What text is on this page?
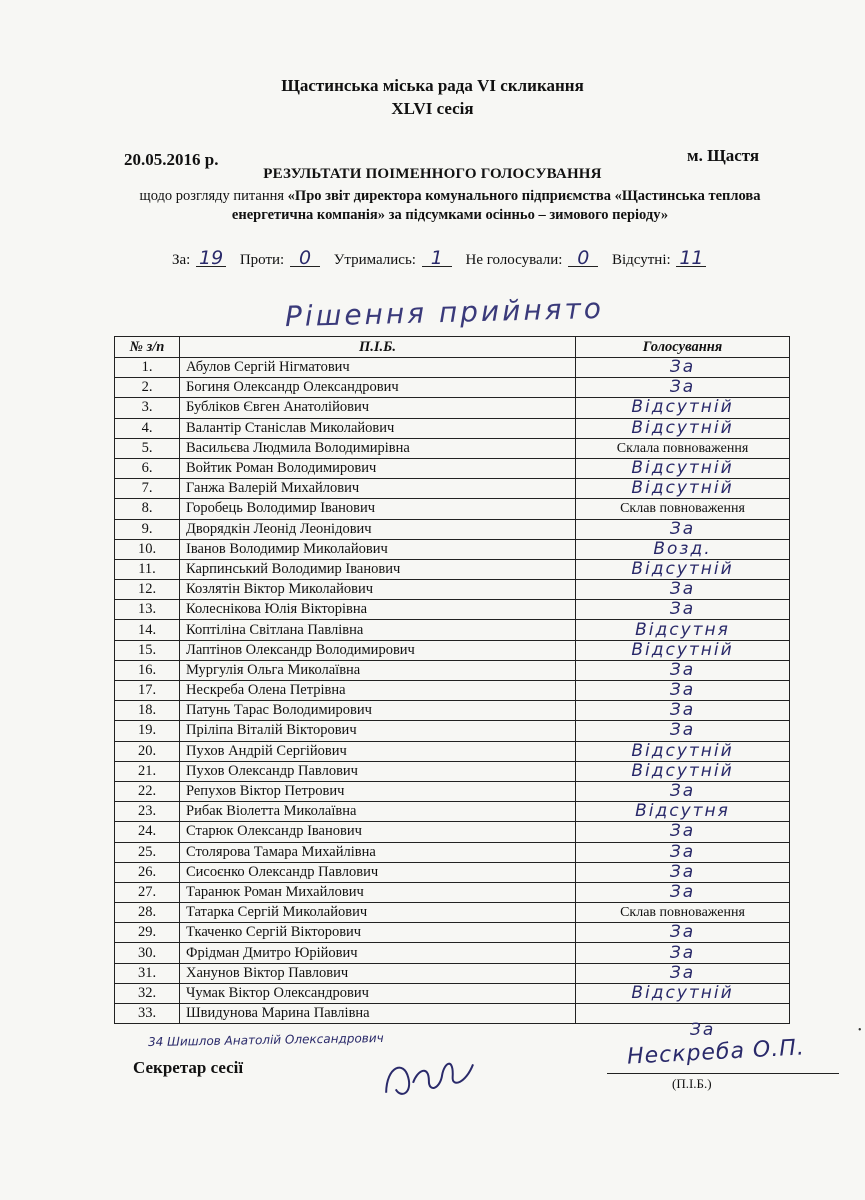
Щастинська міська рада VI скликання
XLVI сесія
20.05.2016 р.	м. Щастя
РЕЗУЛЬТАТИ ПОІМЕННОГО ГОЛОСУВАННЯ
щодо розгляду питання «Про звіт директора комунального підприємства «Щастинська теплова енергетична компанія» за підсумками осінньо – зимового періоду»
За: 19 Проти: 0 Утримались: 1 Не голосували: 0 Відсутні: 11
Рішення прийнято
№ з/п	П.І.Б.	Голосування
1.	Абулов Сергій Нігматович	За
2.	Богиня Олександр Олександрович	За
3.	Бубліков Євген Анатолійович	Відсутній
4.	Валантір Станіслав Миколайович	Відсутній
5.	Васильєва Людмила Володимирівна	Склала повноваження
6.	Войтик Роман Володимирович	Відсутній
7.	Ганжа Валерій Михайлович	Відсутній
8.	Горобець Володимир Іванович	Склав повноваження
9.	Дворядкін Леонід Леонідович	За
10.	Іванов Володимир Миколайович	Возд.
11.	Карпинський Володимир Іванович	Відсутній
12.	Козлятін Віктор Миколайович	За
13.	Колеснікова Юлія Вікторівна	За
14.	Коптіліна Світлана Павлівна	Відсутня
15.	Лаптінов Олександр Володимирович	Відсутній
16.	Мургулія Ольга Миколаївна	За
17.	Нескреба Олена Петрівна	За
18.	Патунь Тарас Володимирович	За
19.	Пріліпа Віталій Вікторович	За
20.	Пухов Андрій Сергійович	Відсутній
21.	Пухов Олександр Павлович	Відсутній
22.	Репухов Віктор Петрович	За
23.	Рибак Віолетта Миколаївна	Відсутня
24.	Старюк Олександр Іванович	За
25.	Столярова Тамара Михайлівна	За
26.	Сисоєнко Олександр Павлович	За
27.	Таранюк Роман Михайлович	За
28.	Татарка Сергій Миколайович	Склав повноваження
29.	Ткаченко Сергій Вікторович	За
30.	Фрідман Дмитро Юрійович	За
31.	Ханунов Віктор Павлович	За
32.	Чумак Віктор Олександрович	Відсутній
33.	Швидунова Марина Павлівна	
34 Шишлов Анатолій Олександрович	За
Секретар сесії	Нескреба О.П.
(П.І.Б.)
•
